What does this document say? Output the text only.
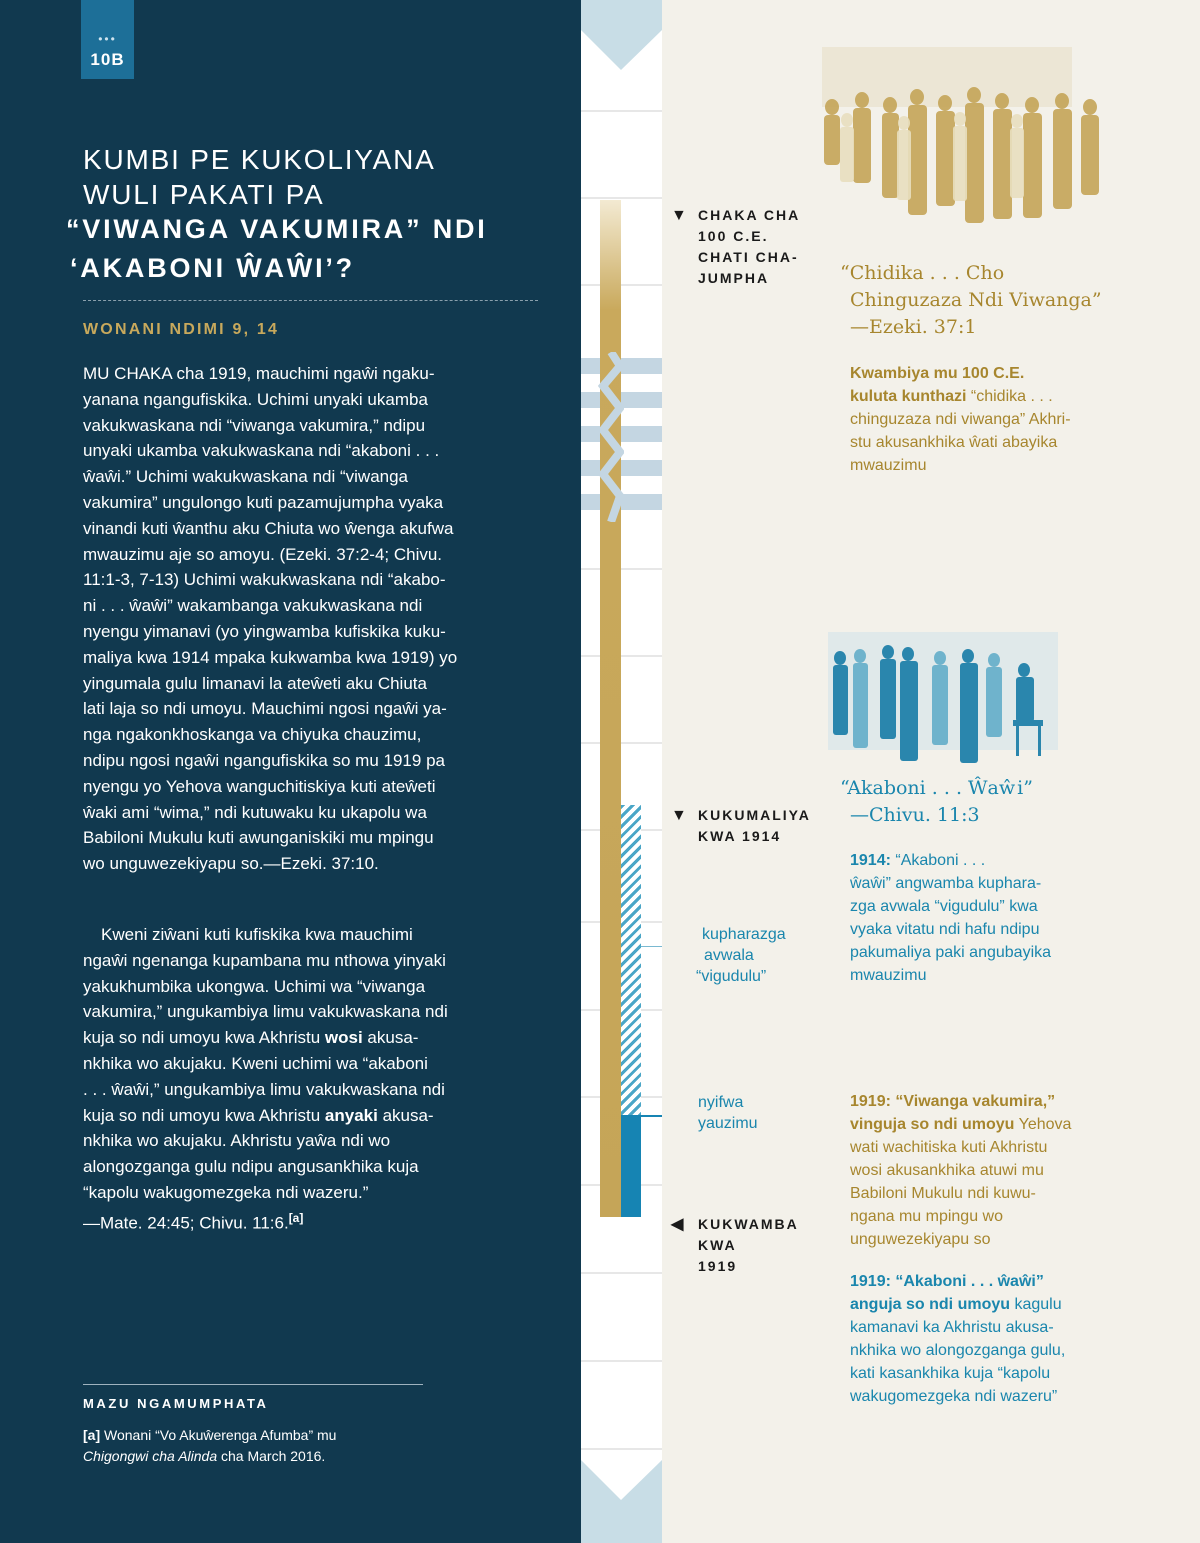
•••
10B
KUMBI PE KUKOLIYANA
WULI PAKATI PA
“VIWANGA VAKUMIRA” NDI
‘AKABONI ŴAŴI’?
WONANI NDIMI 9, 14
MU CHAKA cha 1919, mauchimi ngaŵi ngaku-
yanana ngangufiskika. Uchimi unyaki ukamba
vakukwaskana ndi “viwanga vakumira,” ndipu
unyaki ukamba vakukwaskana ndi “akaboni . . .
ŵaŵi.” Uchimi wakukwaskana ndi “viwanga
vakumira” ungulongo kuti pazamujumpha vyaka
vinandi kuti ŵanthu aku Chiuta wo ŵenga akufwa
mwauzimu aje so amoyu. (Ezeki. 37:2-4; Chivu.
11:1-3, 7-13) Uchimi wakukwaskana ndi “akabo-
ni . . . ŵaŵi” wakambanga vakukwaskana ndi
nyengu yimanavi (yo yingwamba kufiskika kuku-
maliya kwa 1914 mpaka kukwamba kwa 1919) yo
yingumala gulu limanavi la ateŵeti aku Chiuta
lati laja so ndi umoyu. Mauchimi ngosi ngaŵi ya-
nga ngakonkhoskanga va chiyuka chauzimu,
ndipu ngosi ngaŵi ngangufiskika so mu 1919 pa
nyengu yo Yehova wanguchitiskiya kuti ateŵeti
ŵaki ami “wima,” ndi kutuwaku ku ukapolu wa
Babiloni Mukulu kuti awunganiskiki mu mpingu
wo unguwezekiyapu so.—Ezeki. 37:10.
Kweni ziŵani kuti kufiskika kwa mauchimi
ngaŵi ngenanga kupambana mu nthowa yinyaki
yakukhumbika ukongwa. Uchimi wa “viwanga
vakumira,” ungukambiya limu vakukwaskana ndi
kuja so ndi umoyu kwa Akhristu wosi akusa-
nkhika wo akujaku. Kweni uchimi wa “akaboni
. . . ŵaŵi,” ungukambiya limu vakukwaskana ndi
kuja so ndi umoyu kwa Akhristu anyaki akusa-
nkhika wo akujaku. Akhristu yaŵa ndi wo
alongozganga gulu ndipu angusankhika kuja
“kapolu wakugomezgeka ndi wazeru.”
—Mate. 24:45; Chivu. 11:6.[a]
MAZU NGAMUMPHATA
[a] Wonani “Vo Akuŵerenga Afumba” mu
Chigongwi cha Alinda cha March 2016.
▼ CHAKA CHA
100 C.E.
CHATI CHA-
JUMPHA
▼ KUKUMALIYA
KWA 1914
◀ KUKWAMBA
KWA
1919
kupharazga
avwala
“vigudulu”
nyifwa
yauzimu
“Chidika . . . Cho
Chinguzaza Ndi Viwanga”
—Ezeki. 37:1
Kwambiya mu 100 C.E.
kuluta kunthazi “chidika . . .
chinguzaza ndi viwanga” Akhri-
stu akusankhika ŵati abayika
mwauzimu
“Akaboni . . . Ŵaŵi”
—Chivu. 11:3
1914: “Akaboni . . .
ŵaŵi” angwamba kuphara-
zga avwala “vigudulu” kwa
vyaka vitatu ndi hafu ndipu
pakumaliya paki angubayika
mwauzimu
1919: “Viwanga vakumira,”
vinguja so ndi umoyu Yehova
wati wachitiska kuti Akhristu
wosi akusankhika atuwi mu
Babiloni Mukulu ndi kuwu-
ngana mu mpingu wo
unguwezekiyapu so
1919: “Akaboni . . . ŵaŵi”
anguja so ndi umoyu kagulu
kamanavi ka Akhristu akusa-
nkhika wo alongozganga gulu,
kati kasankhika kuja “kapolu
wakugomezgeka ndi wazeru”
